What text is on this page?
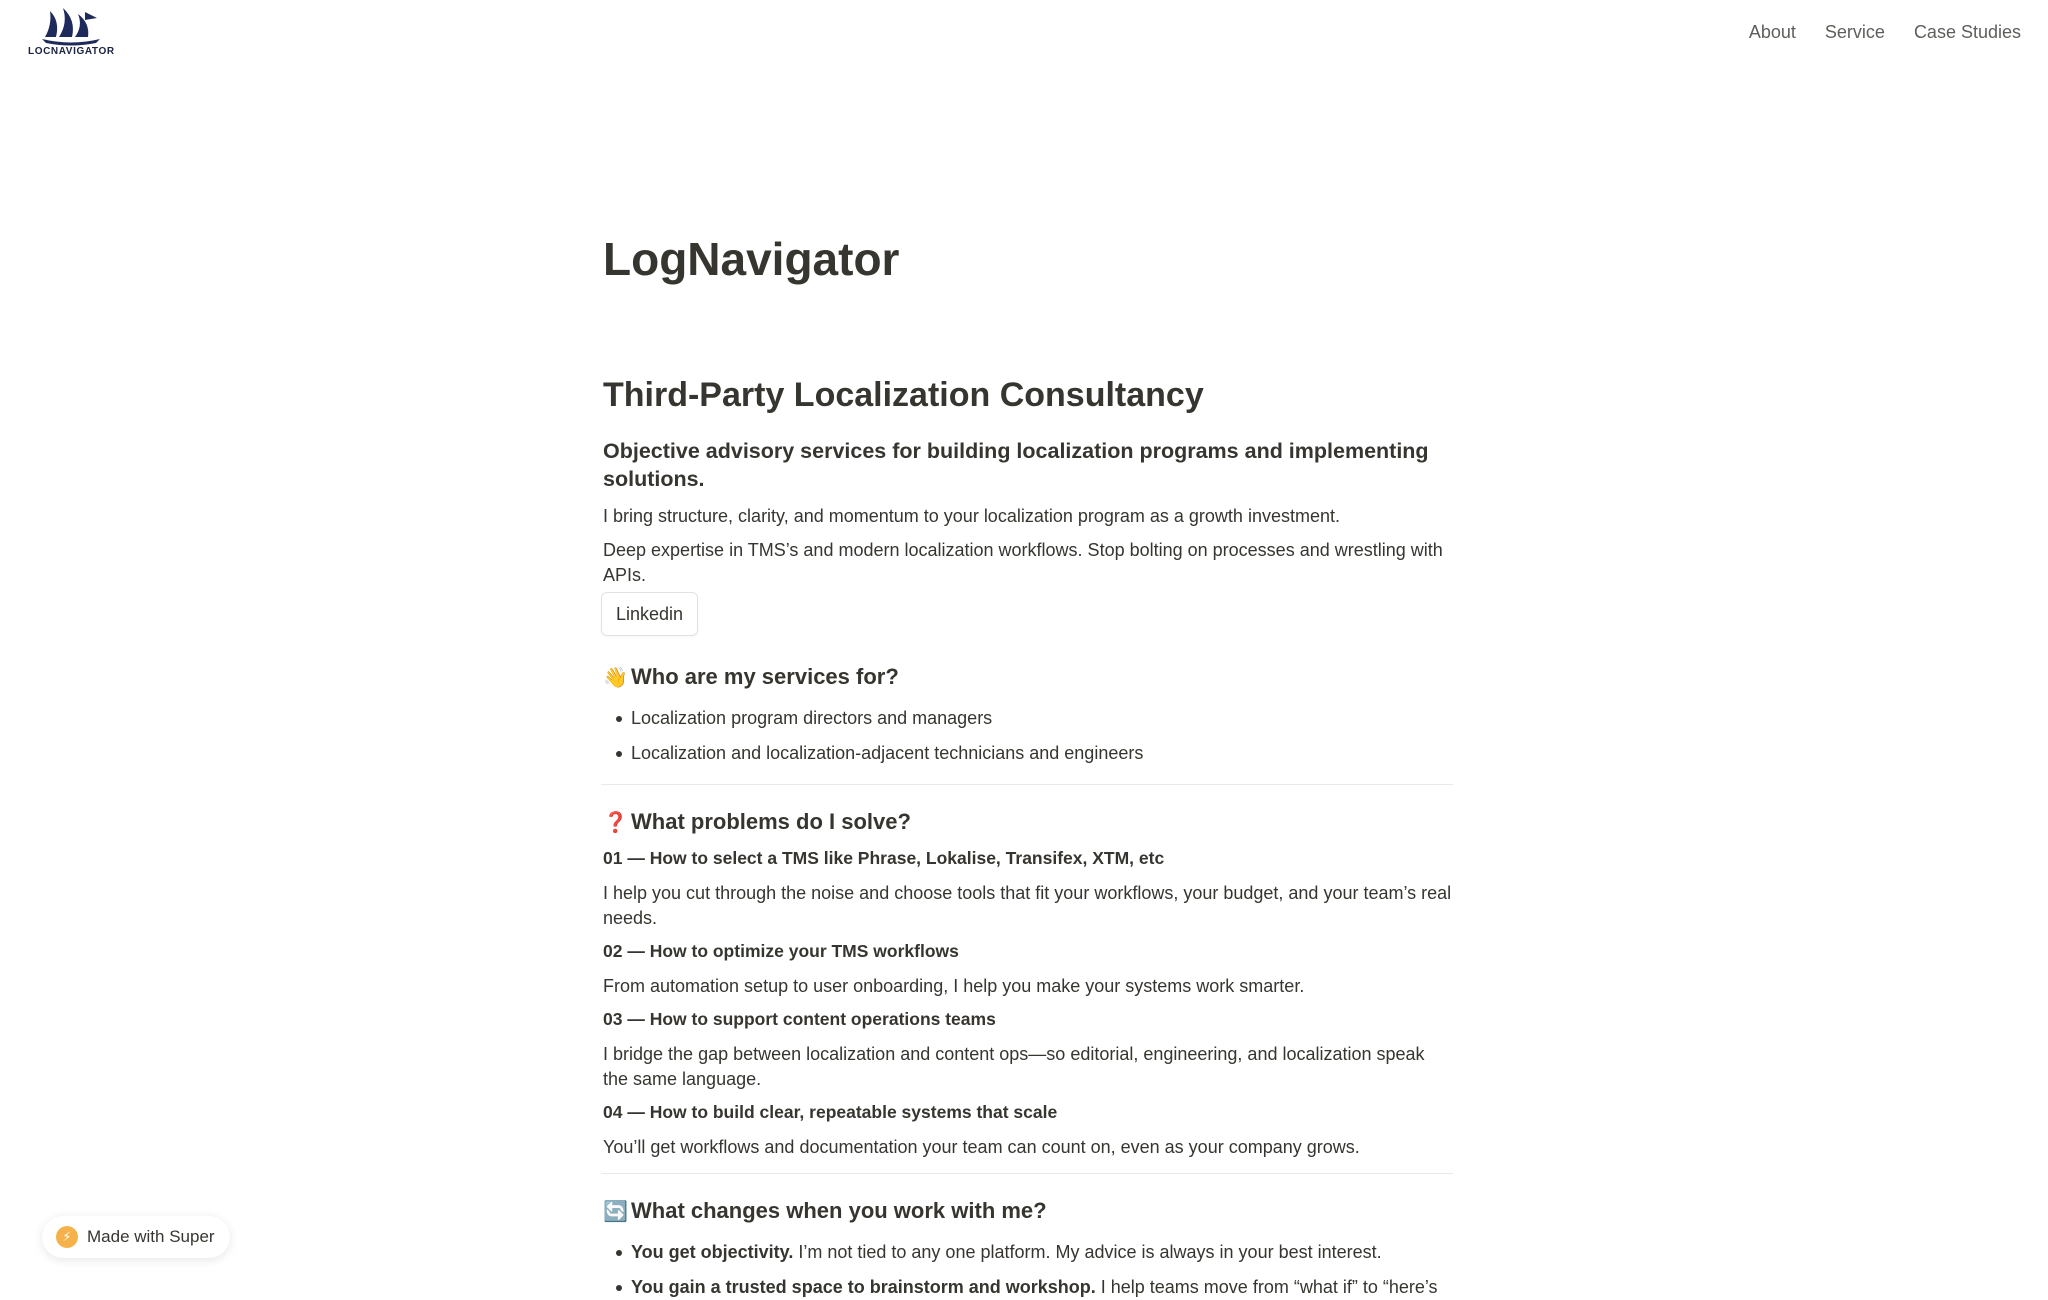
LOCNAVIGATOR
About Service Case Studies
LogNavigator
Third-Party Localization Consultancy
Objective advisory services for building localization programs and implementing solutions.

I bring structure, clarity, and momentum to your localization program as a growth investment.

Deep expertise in TMS’s and modern localization workflows. Stop bolting on processes and wrestling with APIs.

Linkedin
👋 Who are my services for?
Localization program directors and managers
Localization and localization-adjacent technicians and engineers
❓ What problems do I solve?
01 — How to select a TMS like Phrase, Lokalise, Transifex, XTM, etc

I help you cut through the noise and choose tools that fit your workflows, your budget, and your team’s real needs.

02 — How to optimize your TMS workflows

From automation setup to user onboarding, I help you make your systems work smarter.

03 — How to support content operations teams

I bridge the gap between localization and content ops—so editorial, engineering, and localization speak the same language.

04 — How to build clear, repeatable systems that scale

You’ll get workflows and documentation your team can count on, even as your company grows.

🔄 What changes when you work with me?
You get objectivity. I’m not tied to any one platform. My advice is always in your best interest.
You gain a trusted space to brainstorm and workshop. I help teams move from “what if” to “here’s
⚡ Made with Super
